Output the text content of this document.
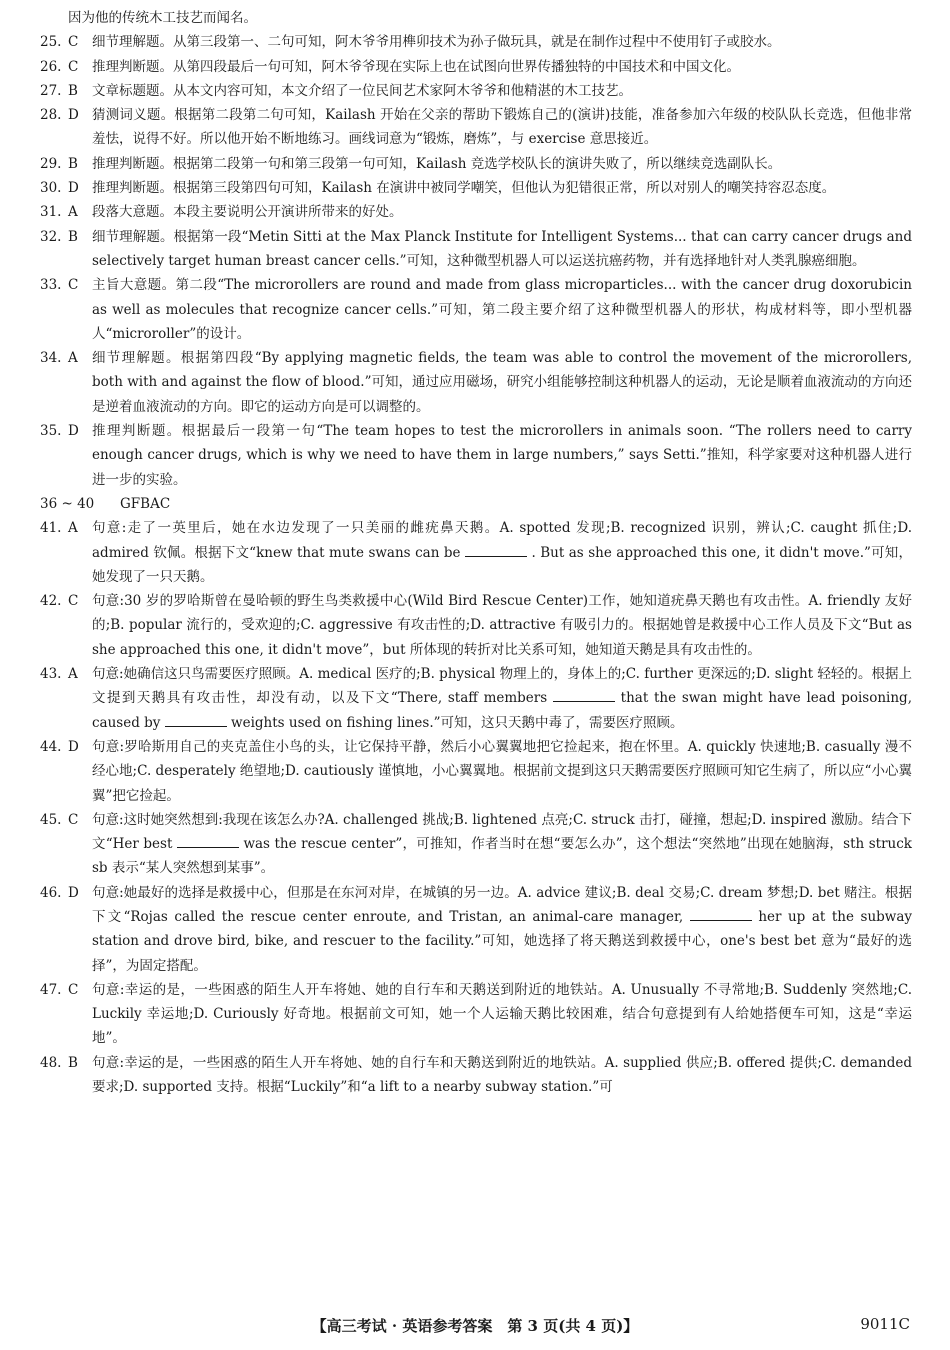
因为他的传统木工技艺而闻名。
25. C	细节理解题。从第三段第一、二句可知，阿木爷爷用榫卯技术为孙子做玩具，就是在制作过程中不使用钉子或胶水。
26. C	推理判断题。从第四段最后一句可知，阿木爷爷现在实际上也在试图向世界传播独特的中国技术和中国文化。
27. B	文章标题题。从本文内容可知，本文介绍了一位民间艺术家阿木爷爷和他精湛的木工技艺。
28. D 猜测词义题。根据第二段第二句可知，Kailash 开始在父亲的帮助下锻炼自己的(演讲)技能，准备参加六年级的校队队长竞选，但他非常羞怯，说得不好。所以他开始不断地练习。画线词意为“锻炼，磨炼”，与 exercise 意思接近。
29. B	推理判断题。根据第二段第一句和第三段第一句可知，Kailash 竞选学校队长的演讲失败了，所以继续竞选副队长。
30. D 推理判断题。根据第三段第四句可知，Kailash 在演讲中被同学嘲笑，但他认为犯错很正常，所以对别人的嘲笑持容忍态度。
31. A	段落大意题。本段主要说明公开演讲所带来的好处。
32. B	细节理解题。根据第一段“Metin Sitti at the Max Planck Institute for Intelligent Systems... that can carry cancer drugs and selectively target human breast cancer cells.”可知，这种微型机器人可以运送抗癌药物，并有选择地针对人类乳腺癌细胞。
33. C	主旨大意题。第二段“The microrollers are round and made from glass microparticles... with the cancer drug doxorubicin as well as molecules that recognize cancer cells.”可知，第二段主要介绍了这种微型机器人的形状，构成材料等，即小型机器人“microroller”的设计。
34. A	细节理解题。根据第四段“By applying magnetic fields, the team was able to control the movement of the microrollers, both with and against the flow of blood.”可知，通过应用磁场，研究小组能够控制这种机器人的运动，无论是顺着血液流动的方向还是逆着血液流动的方向。即它的运动方向是可以调整的。
35. D 推理判断题。根据最后一段第一句“The team hopes to test the microrollers in animals soon. “The rollers need to carry enough cancer drugs, which is why we need to have them in large numbers,” says Setti.”推知，科学家要对这种机器人进行进一步的实验。
36 ~ 40	GFBAC
41. A	句意:走了一英里后，她在水边发现了一只美丽的雌疣鼻天鹅。A. spotted 发现;B. recognized 识别，辨认;C. caught 抓住;D. admired 钦佩。根据下文“knew that mute swans can be	. But as she approached this one, it didn't move.”可知，她发现了一只天鹅。
42. C	句意:30 岁的罗哈斯曾在曼哈顿的野生鸟类救援中心(Wild Bird Rescue Center)工作，她知道疣鼻天鹅也有攻击性。A. friendly 友好的;B. popular 流行的，受欢迎的;C. aggressive 有攻击性的;D. attractive 有吸引力的。根据她曾是救援中心工作人员及下文“But as she approached this one, it didn't move”，but 所体现的转折对比关系可知，她知道天鹅是具有攻击性的。
43. A	句意:她确信这只鸟需要医疗照顾。A. medical 医疗的;B. physical 物理上的，身体上的;C. further 更深远的;D. slight 轻轻的。根据上文提到天鹅具有攻击性，却没有动，以及下文“There, staff members	that the swan might have lead poisoning, caused by	weights used on fishing lines.”可知，这只天鹅中毒了，需要医疗照顾。
44. D 句意:罗哈斯用自己的夹克盖住小鸟的头，让它保持平静，然后小心翼翼地把它捡起来，抱在怀里。A. quickly 快速地;B. casually 漫不经心地;C. desperately 绝望地;D. cautiously 谨慎地，小心翼翼地。根据前文提到这只天鹅需要医疗照顾可知它生病了，所以应“小心翼翼”把它捡起。
45. C	句意:这时她突然想到:我现在该怎么办?A. challenged 挑战;B. lightened 点亮;C. struck 击打，碰撞，想起;D. inspired 激励。结合下文“Her best	was the rescue center”，可推知，作者当时在想“要怎么办”，这个想法“突然地”出现在她脑海，sth struck sb 表示“某人突然想到某事”。
46. D 句意:她最好的选择是救援中心，但那是在东河对岸，在城镇的另一边。A. advice 建议;B. deal 交易;C. dream 梦想;D. bet 赌注。根据下文“Rojas called the rescue center enroute, and Tristan, an animal-care manager,	her up at the subway station and drove bird, bike, and rescuer to the facility.”可知，她选择了将天鹅送到救援中心，one's best bet 意为“最好的选择”，为固定搭配。
47. C	句意:幸运的是，一些困惑的陌生人开车将她、她的自行车和天鹅送到附近的地铁站。A. Unusually 不寻常地;B. Suddenly 突然地;C. Luckily 幸运地;D. Curiously 好奇地。根据前文可知，她一个人运输天鹅比较困难，结合句意提到有人给她搭便车可知，这是“幸运地”。
48. B	句意:幸运的是，一些困惑的陌生人开车将她、她的自行车和天鹅送到附近的地铁站。A. supplied 供应;B. offered 提供;C. demanded 要求;D. supported 支持。根据“Luckily”和“a lift to a nearby subway station.”可
【高三考试 · 英语参考答案　第 3 页(共 4 页)】	9011C
